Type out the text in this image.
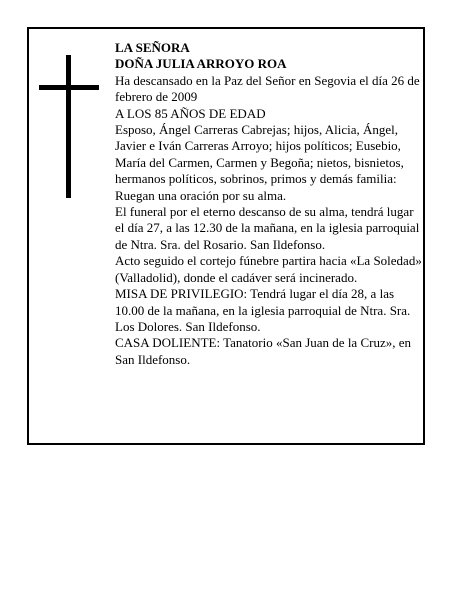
LA SEÑORA

DOÑA JULIA ARROYO ROA

Ha descansado en la Paz del Señor en Segovia el día 26 de febrero de 2009

A LOS 85 AÑOS DE EDAD

Esposo, Ángel Carreras Cabrejas; hijos, Alicia, Ángel, Javier e Iván Carreras Arroyo; hijos políticos; Eusebio, María del Carmen, Carmen y Begoña; nietos, bisnietos, hermanos políticos, sobrinos, primos y demás familia:

Ruegan una oración por su alma.

El funeral por el eterno descanso de su alma, tendrá lugar el día 27, a las 12.30 de la mañana, en la iglesia parroquial de Ntra. Sra. del Rosario. San Ildefonso.

Acto seguido el cortejo fúnebre partira hacia «La Soledad» (Valladolid), donde el cadáver será incinerado.

MISA DE PRIVILEGIO: Tendrá lugar el día 28, a las 10.00 de la mañana, en la iglesia parroquial de Ntra. Sra. Los Dolores. San Ildefonso.

CASA DOLIENTE: Tanatorio «San Juan de la Cruz», en San Ildefonso.
